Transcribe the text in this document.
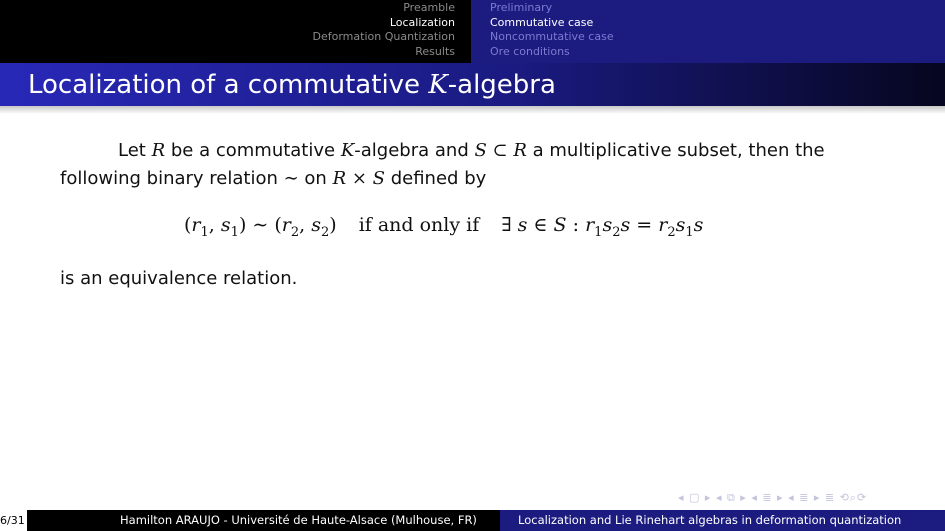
Preamble
Localization
Deformation Quantization
Results
Preliminary
Commutative case
Noncommutative case
Ore conditions
Localization of a commutative K-algebra

Let R be a commutative K-algebra and S ⊂ R a multiplicative subset, then the following binary relation ∼ on R × S defined by

($r_1$, $s_1$) ∼ ($r_2$, $s_2$) if and only if ∃ s ∈ S : $r_1s_2s = r_2s_1s$

is an equivalence relation.

◂ ▢ ▸ ◂ ⧉ ▸ ◂ ≣ ▸ ◂ ≣ ▸ ≣ ⟲⌕⟳
6/31	Hamilton ARAUJO - Université de Haute-Alsace (Mulhouse, FR)	Localization and Lie Rinehart algebras in deformation quantization
